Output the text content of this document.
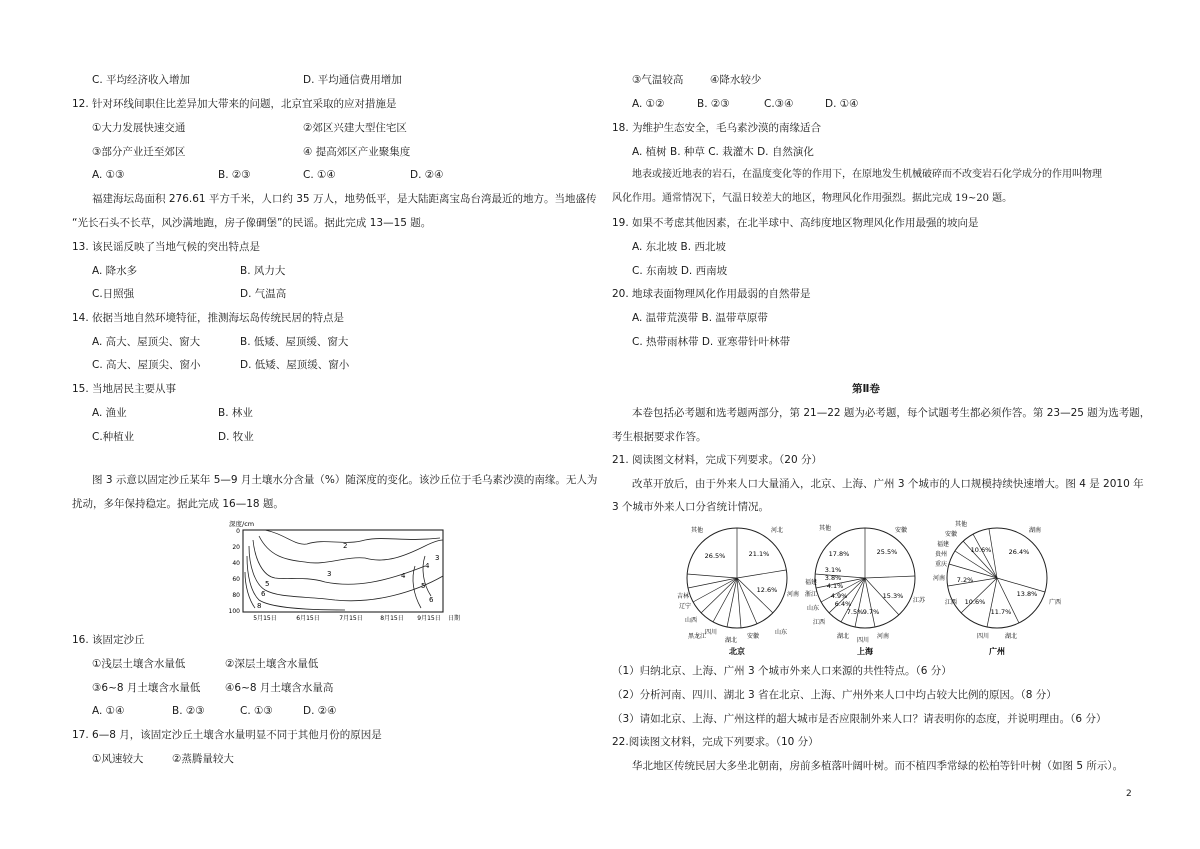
C. 平均经济收入增加	D. 平均通信费用增加
12. 针对环线间职住比差异加大带来的问题，北京宜采取的应对措施是
①大力发展快速交通	②郊区兴建大型住宅区
③部分产业迁至郊区	④ 提高郊区产业聚集度
A. ①③	B. ②③	C. ①④	D. ②④
福建海坛岛面积 276.61 平方千米，人口约 35 万人，地势低平，是大陆距离宝岛台湾最近的地方。当地盛传
“光长石头不长草，风沙满地跑，房子像碉堡”的民谣。据此完成 13—15 题。
13. 该民谣反映了当地气候的突出特点是
A. 降水多	B. 风力大
C.日照强	D. 气温高
14. 依据当地自然环境特征，推测海坛岛传统民居的特点是
A. 高大、屋顶尖、窗大	B. 低矮、屋顶缓、窗大
C. 高大、屋顶尖、窗小	D. 低矮、屋顶缓、窗小
15. 当地居民主要从事
A. 渔业	B. 林业
C.种植业	D. 牧业
图 3 示意以固定沙丘某年 5—9 月土壤水分含量（%）随深度的变化。该沙丘位于毛乌素沙漠的南缘。无人为
扰动，多年保持稳定。据此完成 16—18 题。
深度/cm
0
20
40
60
80
100
5月15日	6月15日	7月15日	8月15日 9月15日 日期
2
3	4
5
6
8
4
5
6
3
16. 该固定沙丘
①浅层土壤含水量低	②深层土壤含水量低
③6~8 月土壤含水量低 ④6~8 月土壤含水量高
A. ①④	B. ②③	C. ①③	D. ②④
17. 6—8 月，该固定沙丘土壤含水量明显不同于其他月份的原因是
①风速较大	②蒸腾量较大
③气温较高	④降水较少
A. ①②	B. ②③	C.③④	D. ①④
18. 为维护生态安全，毛乌素沙漠的南缘适合
A. 植树 B. 种草 C. 栽灌木 D. 自然演化
地表或接近地表的岩石，在温度变化等的作用下，在原地发生机械破碎而不改变岩石化学成分的作用叫物理
风化作用。通常情况下，气温日较差大的地区，物理风化作用强烈。据此完成 19~20 题。
19. 如果不考虑其他因素，在北半球中、高纬度地区物理风化作用最强的坡向是
A. 东北坡 B. 西北坡
C. 东南坡 D. 西南坡
20. 地球表面物理风化作用最弱的自然带是
A. 温带荒漠带 B. 温带草原带
C. 热带雨林带 D. 亚寒带针叶林带
第Ⅱ卷
本卷包括必考题和选考题两部分，第 21—22 题为必考题，每个试题考生都必须作答。第 23—25 题为选考题，
考生根据要求作答。
21. 阅读图文材料，完成下列要求。（20 分）
改革开放后，由于外来人口大量涌入，北京、上海、广州 3 个城市的人口规模持续快速增大。图 4 是 2010 年
3 个城市外来人口分省统计情况。
26.5%	21.1%
12.6%
其他	河北
河南
山东
安徽
湖北
四川
山西
辽宁
吉林
黑龙江
北京
17.8%	25.5%
15.3%
9.7%
7.5%
6.4%
4.9%
4.1%
3.8%
3.1%
其他	安徽
江苏
河南
四川
湖北
江西
山东
浙江
福建
上海
10.6%	26.4%
13.8%
11.7%
10.6%
7.2%
其他
湖南
广西
湖北
四川
江西
河南
重庆
贵州
福建
安徽
广州
（1）归纳北京、上海、广州 3 个城市外来人口来源的共性特点。（6 分）
（2）分析河南、四川、湖北 3 省在北京、上海、广州外来人口中均占较大比例的原因。（8 分）
（3）请如北京、上海、广州这样的超大城市是否应限制外来人口？请表明你的态度，并说明理由。（6 分）
22.阅读图文材料，完成下列要求。（10 分）
华北地区传统民居大多坐北朝南，房前多植落叶阔叶树。而不植四季常绿的松柏等针叶树（如图 5 所示）。
2
